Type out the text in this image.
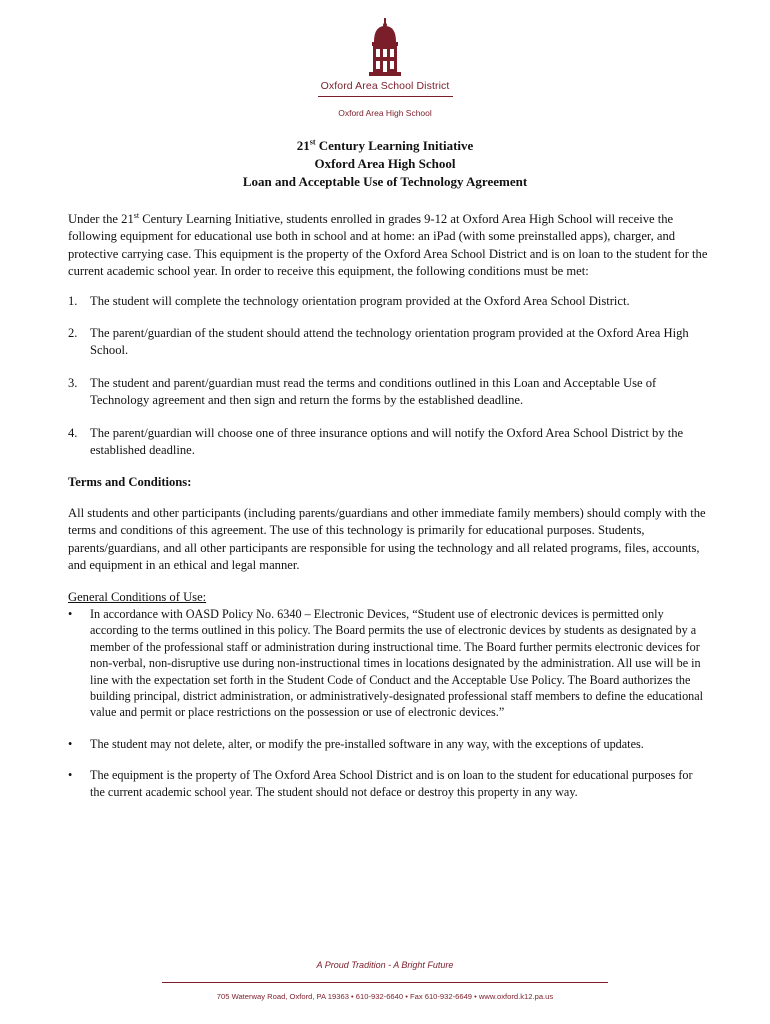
Oxford Area School District
Oxford Area High School
21st Century Learning Initiative
Oxford Area High School
Loan and Acceptable Use of Technology Agreement

Under the 21st Century Learning Initiative, students enrolled in grades 9-12 at Oxford Area High School will receive the following equipment for educational use both in school and at home: an iPad (with some preinstalled apps), charger, and protective carrying case. This equipment is the property of the Oxford Area School District and is on loan to the student for the current academic school year. In order to receive this equipment, the following conditions must be met:

1. The student will complete the technology orientation program provided at the Oxford Area School District.
2. The parent/guardian of the student should attend the technology orientation program provided at the Oxford Area High School.
3. The student and parent/guardian must read the terms and conditions outlined in this Loan and Acceptable Use of Technology agreement and then sign and return the forms by the established deadline.
4. The parent/guardian will choose one of three insurance options and will notify the Oxford Area School District by the established deadline.

Terms and Conditions:

All students and other participants (including parents/guardians and other immediate family members) should comply with the terms and conditions of this agreement. The use of this technology is primarily for educational purposes. Students, parents/guardians, and all other participants are responsible for using the technology and all related programs, files, accounts, and equipment in an ethical and legal manner.

General Conditions of Use:

• In accordance with OASD Policy No. 6340 – Electronic Devices, “Student use of electronic devices is permitted only according to the terms outlined in this policy. The Board permits the use of electronic devices by students as designated by a member of the professional staff or administration during instructional time. The Board further permits electronic devices for non-verbal, non-disruptive use during non-instructional times in locations designated by the administration. All use will be in line with the expectation set forth in the Student Code of Conduct and the Acceptable Use Policy. The Board authorizes the building principal, district administration, or administratively-designated professional staff members to define the educational value and permit or place restrictions on the possession or use of electronic devices.”
• The student may not delete, alter, or modify the pre-installed software in any way, with the exceptions of updates.
• The equipment is the property of The Oxford Area School District and is on loan to the student for educational purposes for the current academic school year. The student should not deface or destroy this property in any way.
A Proud Tradition - A Bright Future
705 Waterway Road, Oxford, PA 19363 • 610-932-6640 • Fax 610-932-6649 • www.oxford.k12.pa.us
